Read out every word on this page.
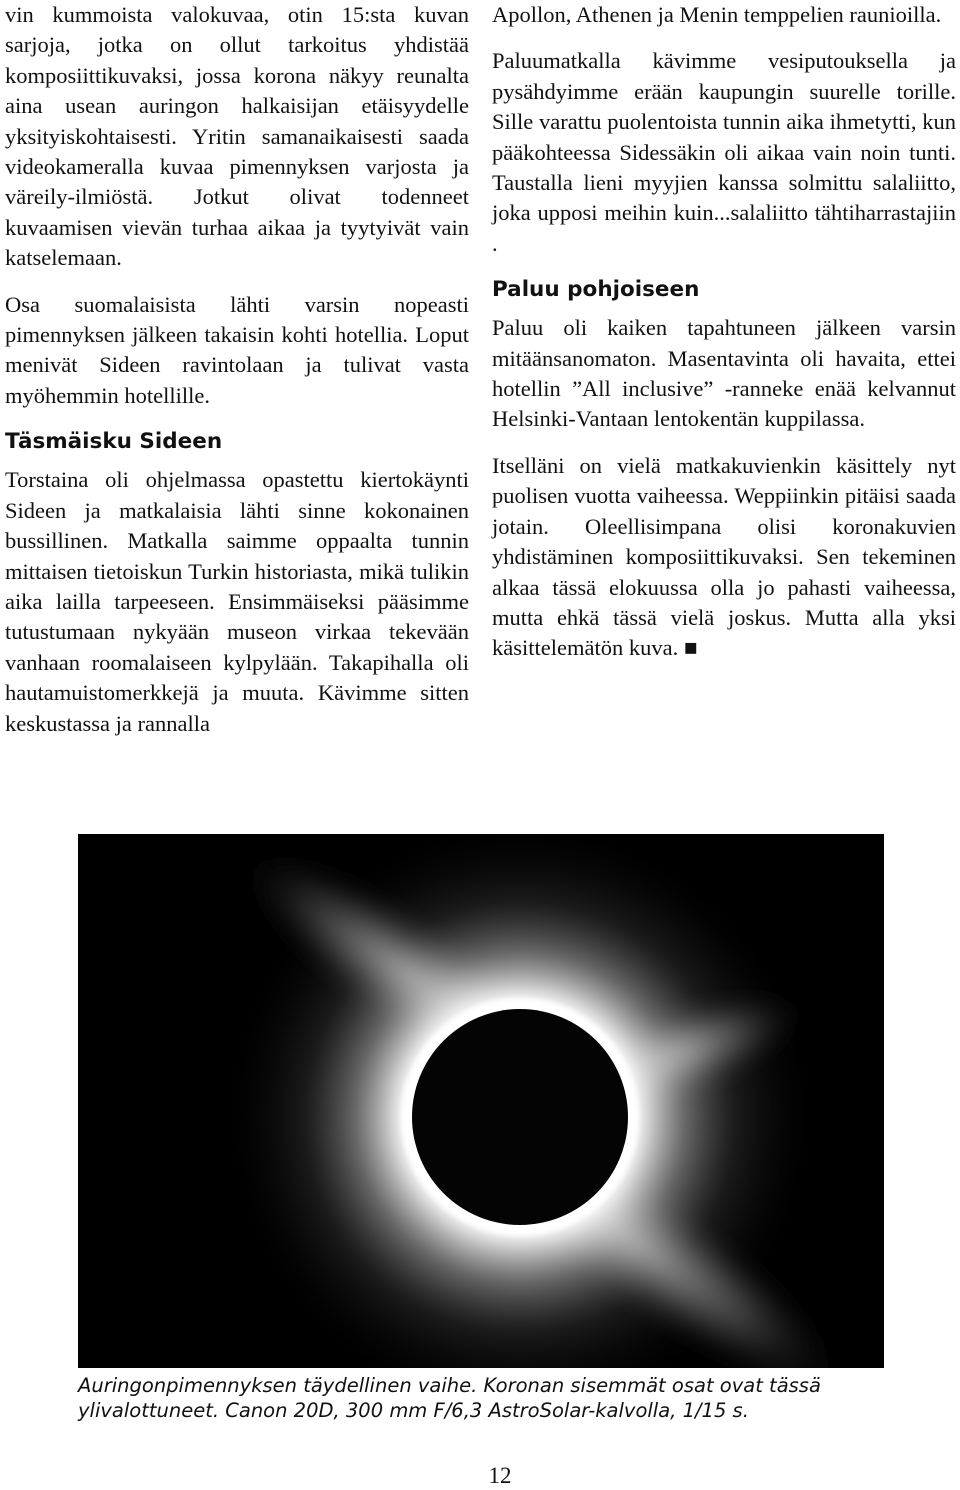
vin kummoista valokuvaa, otin 15:sta kuvan sarjoja, jotka on ollut tarkoitus yhdistää komposiittikuvaksi, jossa korona näkyy reunalta aina usean auringon halkaisijan etäisyydelle yksityiskohtaisesti. Yritin samanaikaisesti saada videokameralla kuvaa pimennyksen varjosta ja väreily-ilmiöstä. Jotkut olivat todenneet kuvaamisen vievän turhaa aikaa ja tyytyivät vain katselemaan.

Osa suomalaisista lähti varsin nopeasti pimennyksen jälkeen takaisin kohti hotellia. Loput menivät Sideen ravintolaan ja tulivat vasta myöhemmin hotellille.

Täsmäisku Sideen

Torstaina oli ohjelmassa opastettu kiertokäynti Sideen ja matkalaisia lähti sinne kokonainen bussillinen. Matkalla saimme oppaalta tunnin mittaisen tietoiskun Turkin historiasta, mikä tulikin aika lailla tarpeeseen. Ensimmäiseksi pääsimme tutustumaan nykyään museon virkaa tekevään vanhaan roomalaiseen kylpylään. Takapihalla oli hautamuistomerkkejä ja muuta. Kävimme sitten keskustassa ja rannalla

Apollon, Athenen ja Menin temppelien raunioilla.

Paluumatkalla kävimme vesiputouksella ja pysähdyimme erään kaupungin suurelle torille. Sille varattu puolentoista tunnin aika ihmetytti, kun pääkohteessa Sidessäkin oli aikaa vain noin tunti. Taustalla lieni myyjien kanssa solmittu salaliitto, joka upposi meihin kuin...salaliitto tähtiharrastajiin .

Paluu pohjoiseen

Paluu oli kaiken tapahtuneen jälkeen varsin mitäänsanomaton. Masentavinta oli havaita, ettei hotellin ”All inclusive” -ranneke enää kelvannut Helsinki-Vantaan lentokentän kuppilassa.

Itselläni on vielä matkakuvienkin käsittely nyt puolisen vuotta vaiheessa. Weppiinkin pitäisi saada jotain. Oleellisimpana olisi koronakuvien yhdistäminen komposiittikuvaksi. Sen tekeminen alkaa tässä elokuussa olla jo pahasti vaiheessa, mutta ehkä tässä vielä joskus. Mutta alla yksi käsittelemätön kuva. ■

Auringonpimennyksen täydellinen vaihe. Koronan sisemmät osat ovat tässä ylivalottuneet. Canon 20D, 300 mm F/6,3 AstroSolar-kalvolla, 1/15 s.
12
